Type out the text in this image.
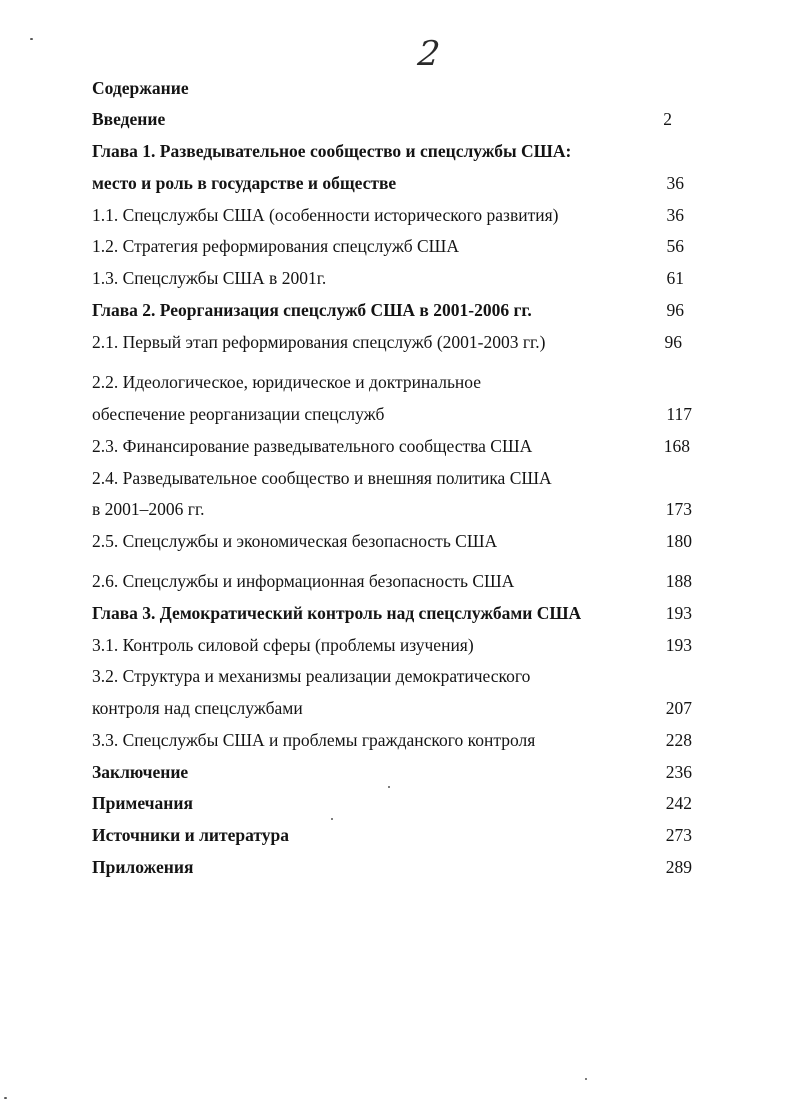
2
Содержание
Введение	2
Глава 1. Разведывательное сообщество и спецслужбы США:
место и роль в государстве и обществе	36
1.1. Спецслужбы США (особенности исторического развития)	36
1.2. Стратегия реформирования спецслужб США	56
1.3. Спецслужбы США в 2001г.	61
Глава 2. Реорганизация спецслужб США в 2001-2006 гг.	96
2.1. Первый этап реформирования спецслужб (2001-2003 гг.)	96
2.2. Идеологическое, юридическое и доктринальное
обеспечение реорганизации спецслужб	117
2.3. Финансирование разведывательного сообщества США	168
2.4. Разведывательное сообщество и внешняя политика США
в 2001–2006 гг.	173
2.5. Спецслужбы и экономическая безопасность США	180
2.6. Спецслужбы и информационная безопасность США	188
Глава 3. Демократический контроль над спецслужбами США	193
3.1. Контроль силовой сферы (проблемы изучения)	193
3.2. Структура и механизмы реализации демократического
контроля над спецслужбами	207
3.3. Спецслужбы США и проблемы гражданского контроля	228
Заключение	236
Примечания	242
Источники и литература	273
Приложения	289
